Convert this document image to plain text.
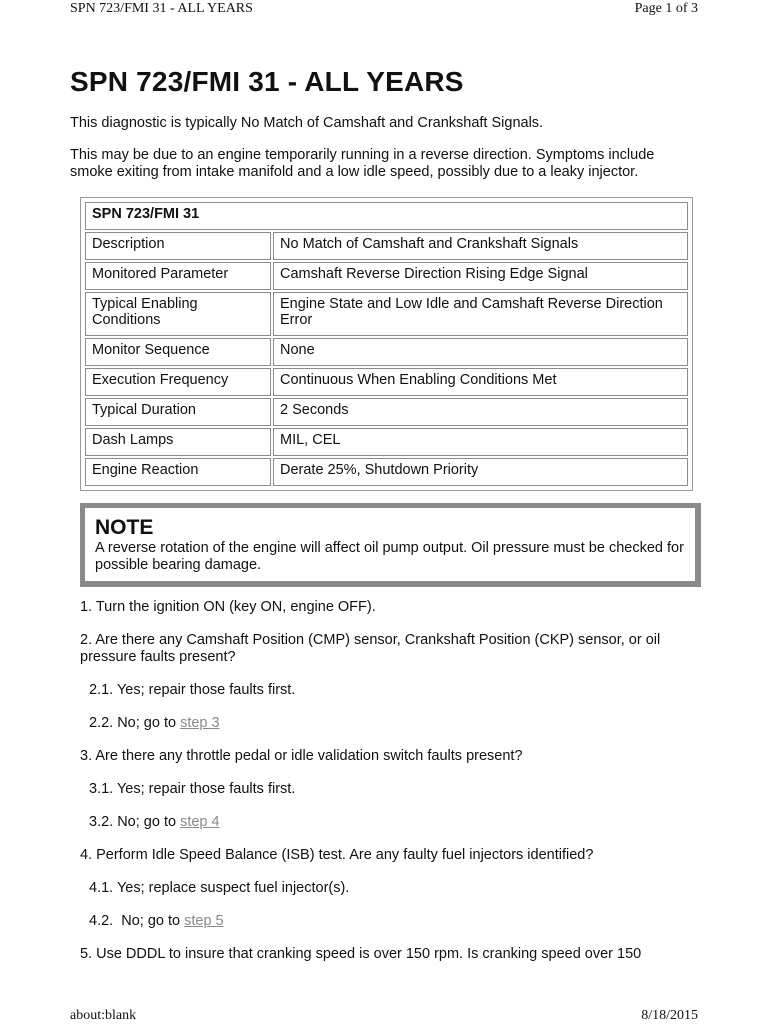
SPN 723/FMI 31 - ALL YEARS	Page 1 of 3
SPN 723/FMI 31 - ALL YEARS

This diagnostic is typically No Match of Camshaft and Crankshaft Signals.

This may be due to an engine temporarily running in a reverse direction. Symptoms include smoke exiting from intake manifold and a low idle speed, possibly due to a leaky injector.

SPN 723/FMI 31	
Description	No Match of Camshaft and Crankshaft Signals
Monitored Parameter	Camshaft Reverse Direction Rising Edge Signal
Typical Enabling Conditions	Engine State and Low Idle and Camshaft Reverse Direction Error
Monitor Sequence	None
Execution Frequency	Continuous When Enabling Conditions Met
Typical Duration	2 Seconds
Dash Lamps	MIL, CEL
Engine Reaction	Derate 25%, Shutdown Priority

NOTE

A reverse rotation of the engine will affect oil pump output. Oil pressure must be checked for possible bearing damage.

1. Turn the ignition ON (key ON, engine OFF).

2. Are there any Camshaft Position (CMP) sensor, Crankshaft Position (CKP) sensor, or oil pressure faults present?

2.1. Yes; repair those faults first.

2.2. No; go to step 3

3. Are there any throttle pedal or idle validation switch faults present?

3.1. Yes; repair those faults first.

3.2. No; go to step 4

4. Perform Idle Speed Balance (ISB) test. Are any faulty fuel injectors identified?

4.1. Yes; replace suspect fuel injector(s).

4.2.  No; go to step 5

5. Use DDDL to insure that cranking speed is over 150 rpm. Is cranking speed over 150

about:blank	8/18/2015
